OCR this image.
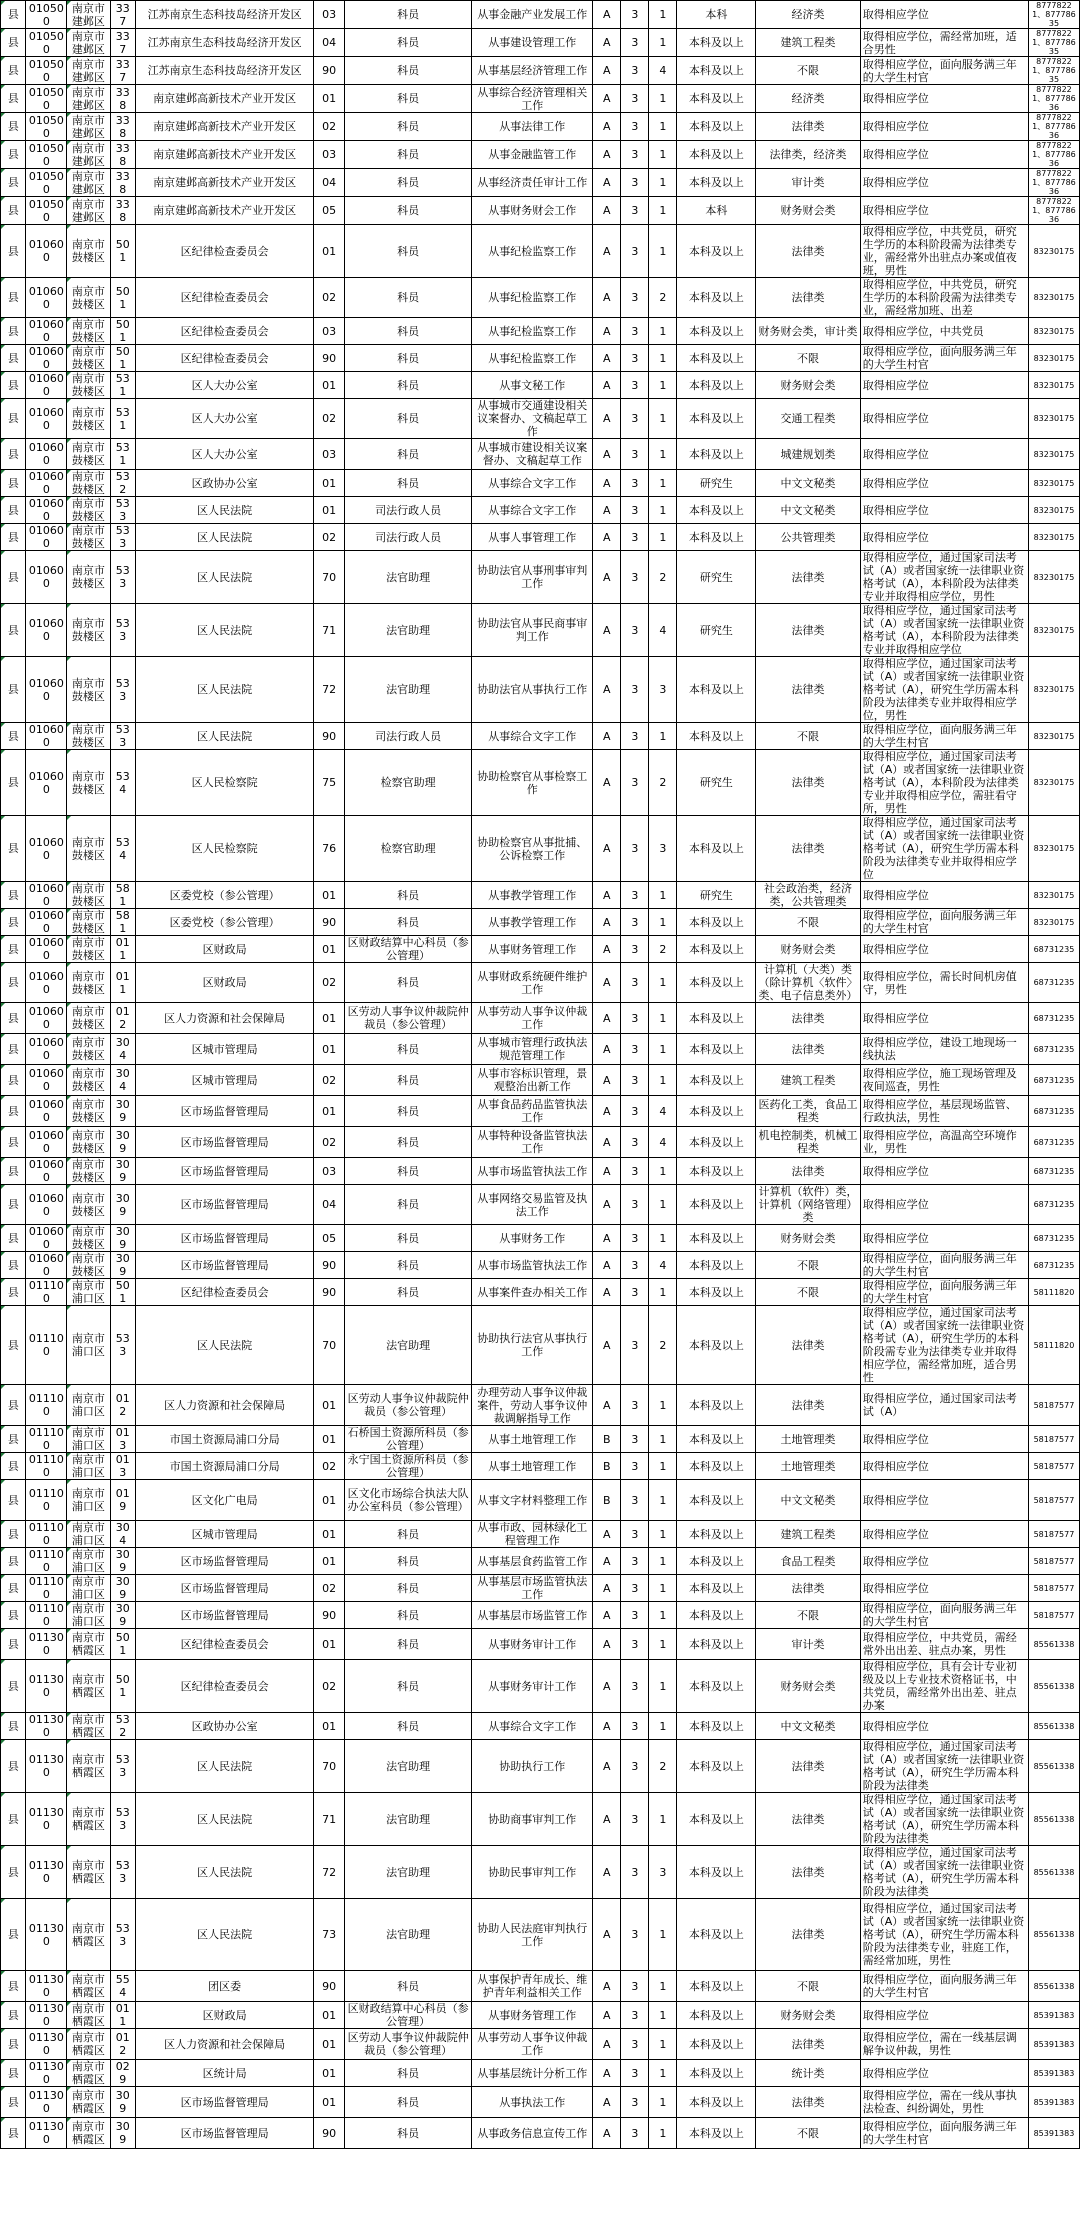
县	010500	南京市建邺区	337	江苏南京生态科技岛经济开发区	03	科员	从事金融产业发展工作	A	3	1	本科	经济类	取得相应学位	87778221、87778635
县	010500	南京市建邺区	337	江苏南京生态科技岛经济开发区	04	科员	从事建设管理工作	A	3	1	本科及以上	建筑工程类	取得相应学位，需经常加班，适合男性	87778221、87778635
县	010500	南京市建邺区	337	江苏南京生态科技岛经济开发区	90	科员	从事基层经济管理工作	A	3	4	本科及以上	不限	取得相应学位，面向服务满三年的大学生村官	87778221、87778635
县	010500	南京市建邺区	338	南京建邺高新技术产业开发区	01	科员	从事综合经济管理相关工作	A	3	1	本科及以上	经济类	取得相应学位	87778221、87778636
县	010500	南京市建邺区	338	南京建邺高新技术产业开发区	02	科员	从事法律工作	A	3	1	本科及以上	法律类	取得相应学位	87778221、87778636
县	010500	南京市建邺区	338	南京建邺高新技术产业开发区	03	科员	从事金融监管工作	A	3	1	本科及以上	法律类，经济类	取得相应学位	87778221、87778636
县	010500	南京市建邺区	338	南京建邺高新技术产业开发区	04	科员	从事经济责任审计工作	A	3	1	本科及以上	审计类	取得相应学位	87778221、87778636
县	010500	南京市建邺区	338	南京建邺高新技术产业开发区	05	科员	从事财务财会工作	A	3	1	本科	财务财会类	取得相应学位	87778221、87778636
县	010600	南京市鼓楼区	501	区纪律检查委员会	01	科员	从事纪检监察工作	A	3	1	本科及以上	法律类	取得相应学位，中共党员，研究生学历的本科阶段需为法律类专业，需经常外出驻点办案或值夜班，男性	83230175
县	010600	南京市鼓楼区	501	区纪律检查委员会	02	科员	从事纪检监察工作	A	3	2	本科及以上	法律类	取得相应学位，中共党员，研究生学历的本科阶段需为法律类专业，需经常加班、出差	83230175
县	010600	南京市鼓楼区	501	区纪律检查委员会	03	科员	从事纪检监察工作	A	3	1	本科及以上	财务财会类，审计类	取得相应学位，中共党员	83230175
县	010600	南京市鼓楼区	501	区纪律检查委员会	90	科员	从事纪检监察工作	A	3	1	本科及以上	不限	取得相应学位，面向服务满三年的大学生村官	83230175
县	010600	南京市鼓楼区	531	区人大办公室	01	科员	从事文秘工作	A	3	1	本科及以上	财务财会类	取得相应学位	83230175
县	010600	南京市鼓楼区	531	区人大办公室	02	科员	从事城市交通建设相关议案督办、文稿起草工作	A	3	1	本科及以上	交通工程类	取得相应学位	83230175
县	010600	南京市鼓楼区	531	区人大办公室	03	科员	从事城市建设相关议案督办、文稿起草工作	A	3	1	本科及以上	城建规划类	取得相应学位	83230175
县	010600	南京市鼓楼区	532	区政协办公室	01	科员	从事综合文字工作	A	3	1	研究生	中文文秘类	取得相应学位	83230175
县	010600	南京市鼓楼区	533	区人民法院	01	司法行政人员	从事综合文字工作	A	3	1	本科及以上	中文文秘类	取得相应学位	83230175
县	010600	南京市鼓楼区	533	区人民法院	02	司法行政人员	从事人事管理工作	A	3	1	本科及以上	公共管理类	取得相应学位	83230175
县	010600	南京市鼓楼区	533	区人民法院	70	法官助理	协助法官从事刑事审判工作	A	3	2	研究生	法律类	取得相应学位，通过国家司法考试（A）或者国家统一法律职业资格考试（A），本科阶段为法律类专业并取得相应学位，男性	83230175
县	010600	南京市鼓楼区	533	区人民法院	71	法官助理	协助法官从事民商事审判工作	A	3	4	研究生	法律类	取得相应学位，通过国家司法考试（A）或者国家统一法律职业资格考试（A），本科阶段为法律类专业并取得相应学位	83230175
县	010600	南京市鼓楼区	533	区人民法院	72	法官助理	协助法官从事执行工作	A	3	3	本科及以上	法律类	取得相应学位，通过国家司法考试（A）或者国家统一法律职业资格考试（A），研究生学历需本科阶段为法律类专业并取得相应学位，男性	83230175
县	010600	南京市鼓楼区	533	区人民法院	90	司法行政人员	从事综合文字工作	A	3	1	本科及以上	不限	取得相应学位，面向服务满三年的大学生村官	83230175
县	010600	南京市鼓楼区	534	区人民检察院	75	检察官助理	协助检察官从事检察工作	A	3	2	研究生	法律类	取得相应学位，通过国家司法考试（A）或者国家统一法律职业资格考试（A），本科阶段为法律类专业并取得相应学位，需驻看守所，男性	83230175
县	010600	南京市鼓楼区	534	区人民检察院	76	检察官助理	协助检察官从事批捕、公诉检察工作	A	3	3	本科及以上	法律类	取得相应学位，通过国家司法考试（A）或者国家统一法律职业资格考试（A），研究生学历需本科阶段为法律类专业并取得相应学位	83230175
县	010600	南京市鼓楼区	581	区委党校（参公管理）	01	科员	从事教学管理工作	A	3	1	研究生	社会政治类，经济类，公共管理类	取得相应学位	83230175
县	010600	南京市鼓楼区	581	区委党校（参公管理）	90	科员	从事教学管理工作	A	3	1	本科及以上	不限	取得相应学位，面向服务满三年的大学生村官	83230175
县	010600	南京市鼓楼区	011	区财政局	01	区财政结算中心科员（参公管理）	从事财务管理工作	A	3	2	本科及以上	财务财会类	取得相应学位	68731235
县	010600	南京市鼓楼区	011	区财政局	02	科员	从事财政系统硬件维护工作	A	3	1	本科及以上	计算机（大类）类（除计算机〈软件〉类、电子信息类外）	取得相应学位，需长时间机房值守，男性	68731235
县	010600	南京市鼓楼区	012	区人力资源和社会保障局	01	区劳动人事争议仲裁院仲裁员（参公管理）	从事劳动人事争议仲裁工作	A	3	1	本科及以上	法律类	取得相应学位	68731235
县	010600	南京市鼓楼区	304	区城市管理局	01	科员	从事城市管理行政执法规范管理工作	A	3	1	本科及以上	法律类	取得相应学位，建设工地现场一线执法	68731235
县	010600	南京市鼓楼区	304	区城市管理局	02	科员	从事市容标识管理，景观整治出新工作	A	3	1	本科及以上	建筑工程类	取得相应学位，施工现场管理及夜间巡查，男性	68731235
县	010600	南京市鼓楼区	309	区市场监督管理局	01	科员	从事食品药品监管执法工作	A	3	4	本科及以上	医药化工类，食品工程类	取得相应学位，基层现场监管、行政执法，男性	68731235
县	010600	南京市鼓楼区	309	区市场监督管理局	02	科员	从事特种设备监管执法工作	A	3	4	本科及以上	机电控制类，机械工程类	取得相应学位，高温高空环境作业，男性	68731235
县	010600	南京市鼓楼区	309	区市场监督管理局	03	科员	从事市场监管执法工作	A	3	1	本科及以上	法律类	取得相应学位	68731235
县	010600	南京市鼓楼区	309	区市场监督管理局	04	科员	从事网络交易监管及执法工作	A	3	1	本科及以上	计算机（软件）类，计算机（网络管理）类	取得相应学位	68731235
县	010600	南京市鼓楼区	309	区市场监督管理局	05	科员	从事财务工作	A	3	1	本科及以上	财务财会类	取得相应学位	68731235
县	010600	南京市鼓楼区	309	区市场监督管理局	90	科员	从事市场监管执法工作	A	3	4	本科及以上	不限	取得相应学位，面向服务满三年的大学生村官	68731235
县	011100	南京市浦口区	501	区纪律检查委员会	90	科员	从事案件查办相关工作	A	3	1	本科及以上	不限	取得相应学位，面向服务满三年的大学生村官	58111820
县	011100	南京市浦口区	533	区人民法院	70	法官助理	协助执行法官从事执行工作	A	3	2	本科及以上	法律类	取得相应学位，通过国家司法考试（A）或者国家统一法律职业资格考试（A），研究生学历的本科阶段需专业为法律类专业并取得相应学位，需经常加班，适合男性	58111820
县	011100	南京市浦口区	012	区人力资源和社会保障局	01	区劳动人事争议仲裁院仲裁员（参公管理）	办理劳动人事争议仲裁案件，劳动人事争议仲裁调解指导工作	A	3	1	本科及以上	法律类	取得相应学位，通过国家司法考试（A）	58187577
县	011100	南京市浦口区	013	市国土资源局浦口分局	01	石桥国土资源所科员（参公管理）	从事土地管理工作	B	3	1	本科及以上	土地管理类	取得相应学位	58187577
县	011100	南京市浦口区	013	市国土资源局浦口分局	02	永宁国土资源所科员（参公管理）	从事土地管理工作	B	3	1	本科及以上	土地管理类	取得相应学位	58187577
县	011100	南京市浦口区	019	区文化广电局	01	区文化市场综合执法大队办公室科员（参公管理）	从事文字材料整理工作	B	3	1	本科及以上	中文文秘类	取得相应学位	58187577
县	011100	南京市浦口区	304	区城市管理局	01	科员	从事市政、园林绿化工程管理工作	A	3	1	本科及以上	建筑工程类	取得相应学位	58187577
县	011100	南京市浦口区	309	区市场监督管理局	01	科员	从事基层食药监管工作	A	3	1	本科及以上	食品工程类	取得相应学位	58187577
县	011100	南京市浦口区	309	区市场监督管理局	02	科员	从事基层市场监管执法工作	A	3	1	本科及以上	法律类	取得相应学位	58187577
县	011100	南京市浦口区	309	区市场监督管理局	90	科员	从事基层市场监管工作	A	3	1	本科及以上	不限	取得相应学位，面向服务满三年的大学生村官	58187577
县	011300	南京市栖霞区	501	区纪律检查委员会	01	科员	从事财务审计工作	A	3	1	本科及以上	审计类	取得相应学位，中共党员，需经常外出出差、驻点办案，男性	85561338
县	011300	南京市栖霞区	501	区纪律检查委员会	02	科员	从事财务审计工作	A	3	1	本科及以上	财务财会类	取得相应学位，具有会计专业初级及以上专业技术资格证书，中共党员，需经常外出出差、驻点办案	85561338
县	011300	南京市栖霞区	532	区政协办公室	01	科员	从事综合文字工作	A	3	1	本科及以上	中文文秘类	取得相应学位	85561338
县	011300	南京市栖霞区	533	区人民法院	70	法官助理	协助执行工作	A	3	2	本科及以上	法律类	取得相应学位，通过国家司法考试（A）或者国家统一法律职业资格考试（A），研究生学历需本科阶段为法律类	85561338
县	011300	南京市栖霞区	533	区人民法院	71	法官助理	协助商事审判工作	A	3	1	本科及以上	法律类	取得相应学位，通过国家司法考试（A）或者国家统一法律职业资格考试（A），研究生学历需本科阶段为法律类	85561338
县	011300	南京市栖霞区	533	区人民法院	72	法官助理	协助民事审判工作	A	3	3	本科及以上	法律类	取得相应学位，通过国家司法考试（A）或者国家统一法律职业资格考试（A），研究生学历需本科阶段为法律类	85561338
县	011300	南京市栖霞区	533	区人民法院	73	法官助理	协助人民法庭审判执行工作	A	3	1	本科及以上	法律类	取得相应学位，通过国家司法考试（A）或者国家统一法律职业资格考试（A），研究生学历需本科阶段为法律类专业，驻庭工作，需经常加班，男性	85561338
县	011300	南京市栖霞区	554	团区委	90	科员	从事保护青年成长、维护青年利益相关工作	A	3	1	本科及以上	不限	取得相应学位，面向服务满三年的大学生村官	85561338
县	011300	南京市栖霞区	011	区财政局	01	区财政结算中心科员（参公管理）	从事财务管理工作	A	3	1	本科及以上	财务财会类	取得相应学位	85391383
县	011300	南京市栖霞区	012	区人力资源和社会保障局	01	区劳动人事争议仲裁院仲裁员（参公管理）	从事劳动人事争议仲裁工作	A	3	1	本科及以上	法律类	取得相应学位，需在一线基层调解争议仲裁，男性	85391383
县	011300	南京市栖霞区	029	区统计局	01	科员	从事基层统计分析工作	A	3	1	本科及以上	统计类	取得相应学位	85391383
县	011300	南京市栖霞区	309	区市场监督管理局	01	科员	从事执法工作	A	3	1	本科及以上	法律类	取得相应学位，需在一线从事执法检查、纠纷调处，男性	85391383
县	011300	南京市栖霞区	309	区市场监督管理局	90	科员	从事政务信息宣传工作	A	3	1	本科及以上	不限	取得相应学位，面向服务满三年的大学生村官	85391383
